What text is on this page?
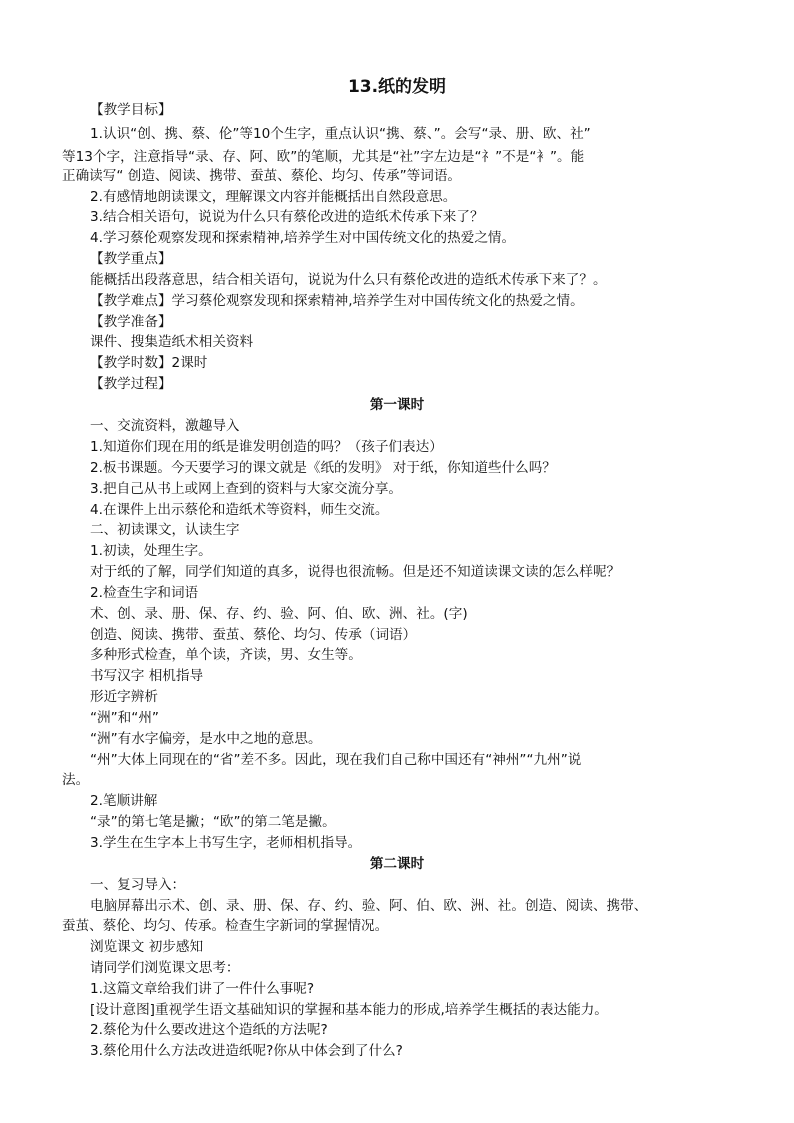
13.纸的发明
【教学目标】
1.认识“创、携、蔡、伦”等10个生字，重点认识“携、蔡、”。会写“录、册、欧、社”
等13个字，注意指导“录、存、阿、欧”的笔顺，尤其是“社”字左边是“礻”不是“衤”。能
正确读写“ 创造、阅读、携带、蚕茧、蔡伦、均匀、传承”等词语。
2.有感情地朗读课文，理解课文内容并能概括出自然段意思。
3.结合相关语句，说说为什么只有蔡伦改进的造纸术传承下来了？
4.学习蔡伦观察发现和探索精神,培养学生对中国传统文化的热爱之情。
【教学重点】
能概括出段落意思，结合相关语句，说说为什么只有蔡伦改进的造纸术传承下来了？。
【教学难点】学习蔡伦观察发现和探索精神,培养学生对中国传统文化的热爱之情。
【教学准备】
课件、搜集造纸术相关资料
【教学时数】2课时
【教学过程】
第一课时
一、交流资料，激趣导入
1.知道你们现在用的纸是谁发明创造的吗？（孩子们表达）
2.板书课题。今天要学习的课文就是《纸的发明》 对于纸，你知道些什么吗？
3.把自己从书上或网上查到的资料与大家交流分享。
4.在课件上出示蔡伦和造纸术等资料，师生交流。
二、初读课文，认读生字
1.初读，处理生字。
对于纸的了解，同学们知道的真多，说得也很流畅。但是还不知道读课文读的怎么样呢？
2.检查生字和词语
术、创、录、册、保、存、约、验、阿、伯、欧、洲、社。(字)
创造、阅读、携带、蚕茧、蔡伦、均匀、传承（词语）
多种形式检查，单个读，齐读，男、女生等。
书写汉字 相机指导
形近字辨析
“洲”和“州”
“洲”有水字偏旁，是水中之地的意思。
“州”大体上同现在的“省”差不多。因此，现在我们自己称中国还有“神州”“九州”说
法。
2.笔顺讲解
“录”的第七笔是撇；“欧”的第二笔是撇。
3.学生在生字本上书写生字，老师相机指导。
第二课时
一、复习导入：
电脑屏幕出示术、创、录、册、保、存、约、验、阿、伯、欧、洲、社。创造、阅读、携带、
蚕茧、蔡伦、均匀、传承。检查生字新词的掌握情况。
浏览课文 初步感知
请同学们浏览课文思考：
1.这篇文章给我们讲了一件什么事呢?
[设计意图]重视学生语文基础知识的掌握和基本能力的形成,培养学生概括的表达能力。
2.蔡伦为什么要改进这个造纸的方法呢?
3.蔡伦用什么方法改进造纸呢?你从中体会到了什么?
